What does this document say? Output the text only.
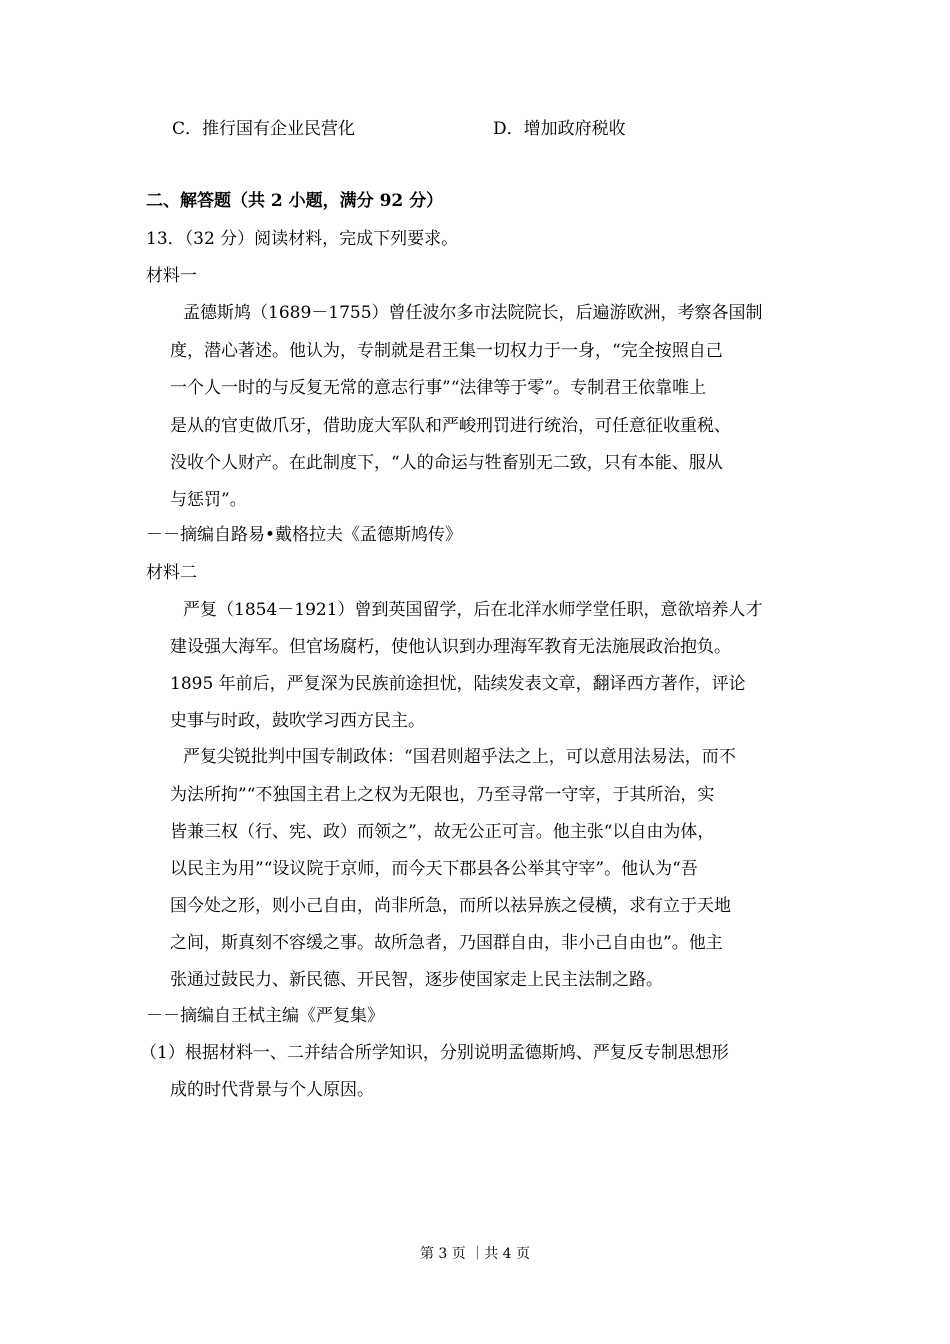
C．推行国有企业民营化	D．增加政府税收
二、解答题（共 2 小题，满分 92 分）
13．（32 分）阅读材料，完成下列要求。
材料一
孟德斯鸠（1689－1755）曾任波尔多市法院院长，后遍游欧洲，考察各国制
度，潜心著述。他认为，专制就是君王集一切权力于一身，“完全按照自己
一个人一时的与反复无常的意志行事”“法律等于零”。专制君王依靠唯上
是从的官吏做爪牙，借助庞大军队和严峻刑罚进行统治，可任意征收重税、
没收个人财产。在此制度下，“人的命运与牲畜别无二致，只有本能、服从
与惩罚”。
－－摘编自路易•戴格拉夫《孟德斯鸠传》
材料二
严复（1854－1921）曾到英国留学，后在北洋水师学堂任职，意欲培养人才
建设强大海军。但官场腐朽，使他认识到办理海军教育无法施展政治抱负。
1895 年前后，严复深为民族前途担忧，陆续发表文章，翻译西方著作，评论
史事与时政，鼓吹学习西方民主。
严复尖锐批判中国专制政体：“国君则超乎法之上，可以意用法易法，而不
为法所拘”“不独国主君上之权为无限也，乃至寻常一守宰，于其所治，实
皆兼三权（行、宪、政）而领之”，故无公正可言。他主张“以自由为体，
以民主为用”“设议院于京师，而今天下郡县各公举其守宰”。他认为“吾
国今处之形，则小己自由，尚非所急，而所以祛异族之侵横，求有立于天地
之间，斯真刻不容缓之事。故所急者，乃国群自由，非小己自由也”。他主
张通过鼓民力、新民德、开民智，逐步使国家走上民主法制之路。
－－摘编自王栻主编《严复集》
（1）根据材料一、二并结合所学知识，分别说明孟德斯鸠、严复反专制思想形
成的时代背景与个人原因。
第 3 页 ｜共 4 页
